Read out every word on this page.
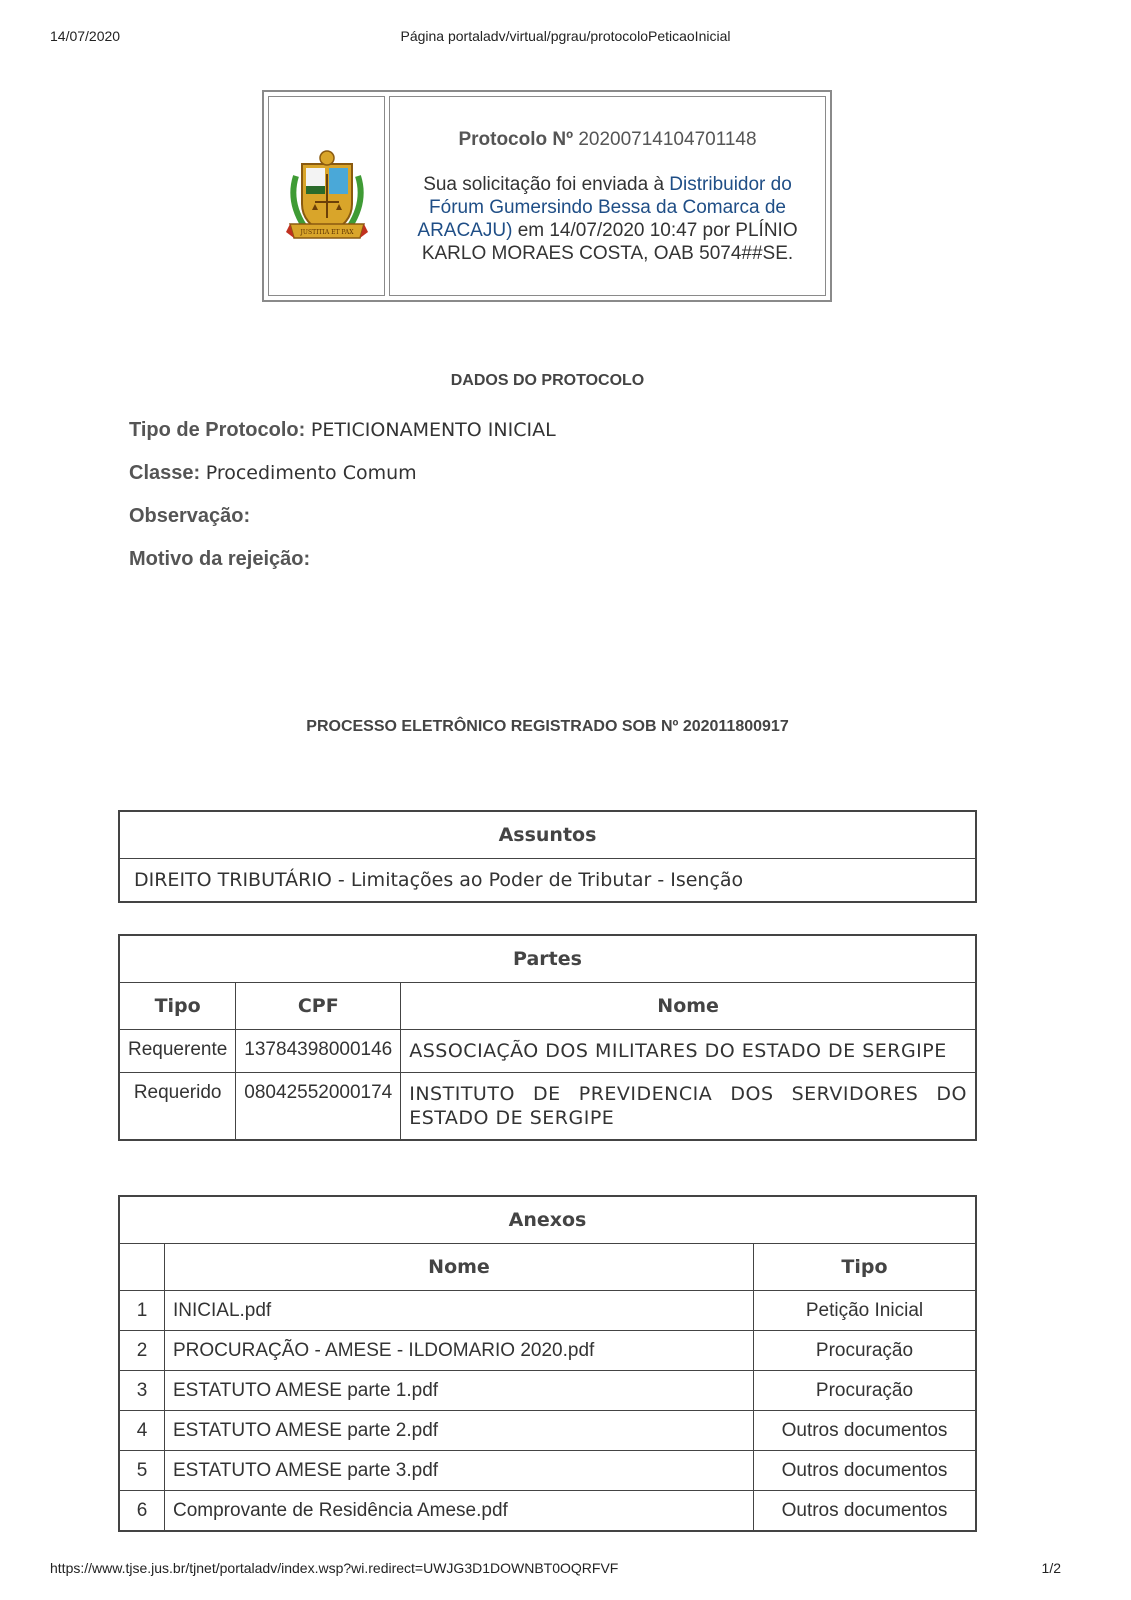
14/07/2020	Página portaladv/virtual/pgrau/protocoloPeticaoInicial
JUSTITIA ET PAX
Protocolo Nº 20200714104701148
Sua solicitação foi enviada à Distribuidor do Fórum Gumersindo Bessa da Comarca de ARACAJU) em 14/07/2020 10:47 por PLÍNIO KARLO MORAES COSTA, OAB 5074##SE.
DADOS DO PROTOCOLO
Tipo de Protocolo: PETICIONAMENTO INICIAL
Classe: Procedimento Comum
Observação:
Motivo da rejeição:
PROCESSO ELETRÔNICO REGISTRADO SOB Nº 202011800917
Assuntos
DIREITO TRIBUTÁRIO - Limitações ao Poder de Tributar - Isenção
Partes		
Tipo	CPF	Nome
Requerente	13784398000146	ASSOCIAÇÃO DOS MILITARES DO ESTADO DE SERGIPE
Requerido	08042552000174	INSTITUTO DE PREVIDENCIA DOS SERVIDORES DO ESTADO DE SERGIPE
Anexos		
	Nome	Tipo
1	INICIAL.pdf	Petição Inicial
2	PROCURAÇÃO - AMESE - ILDOMARIO 2020.pdf	Procuração
3	ESTATUTO AMESE parte 1.pdf	Procuração
4	ESTATUTO AMESE parte 2.pdf	Outros documentos
5	ESTATUTO AMESE parte 3.pdf	Outros documentos
6	Comprovante de Residência Amese.pdf	Outros documentos
https://www.tjse.jus.br/tjnet/portaladv/index.wsp?wi.redirect=UWJG3D1DOWNBT0OQRFVF	1/2
